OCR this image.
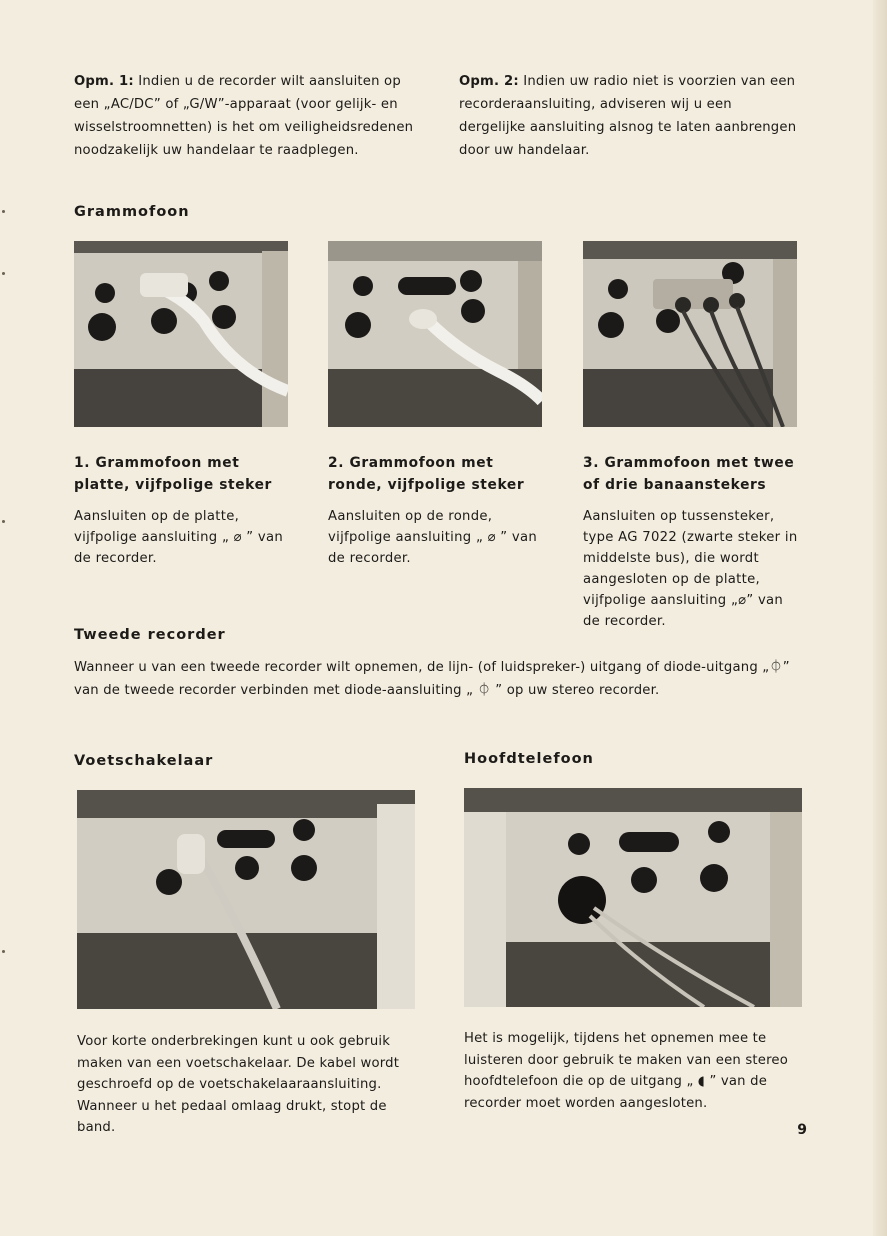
Opm. 1: Indien u de recorder wilt aansluiten op een „AC/DC” of „G/W”-apparaat (voor gelijk- en wisselstroomnetten) is het om veiligheidsredenen noodzakelijk uw handelaar te raadplegen.
Opm. 2: Indien uw radio niet is voorzien van een recorderaansluiting, adviseren wij u een dergelijke aansluiting alsnog te laten aanbrengen door uw handelaar.
Grammofoon
1. Grammofoon met platte, vijfpolige steker
Aansluiten op de platte, vijfpolige aansluiting „ ⌀ ” van de recorder.
2. Grammofoon met ronde, vijfpolige steker
Aansluiten op de ronde, vijfpolige aansluiting „ ⌀ ” van de recorder.
3. Grammofoon met twee of drie banaanstekers
Aansluiten op tussensteker, type AG 7022 (zwarte steker in middelste bus), die wordt aangesloten op de platte, vijfpolige aansluiting „⌀” van de recorder.
Tweede recorder
Wanneer u van een tweede recorder wilt opnemen, de lijn- (of luidspreker-) uitgang of diode-uitgang „⏀” van de tweede recorder verbinden met diode-aansluiting „ ⏀ ” op uw stereo recorder.
Voetschakelaar
Voor korte onderbrekingen kunt u ook gebruik maken van een voetschakelaar. De kabel wordt geschroefd op de voetschakelaaraansluiting. Wanneer u het pedaal omlaag drukt, stopt de band.
Hoofdtelefoon
Het is mogelijk, tijdens het opnemen mee te luisteren door gebruik te maken van een stereo hoofdtelefoon die op de uitgang „ ◖ ” van de recorder moet worden aangesloten.
9
